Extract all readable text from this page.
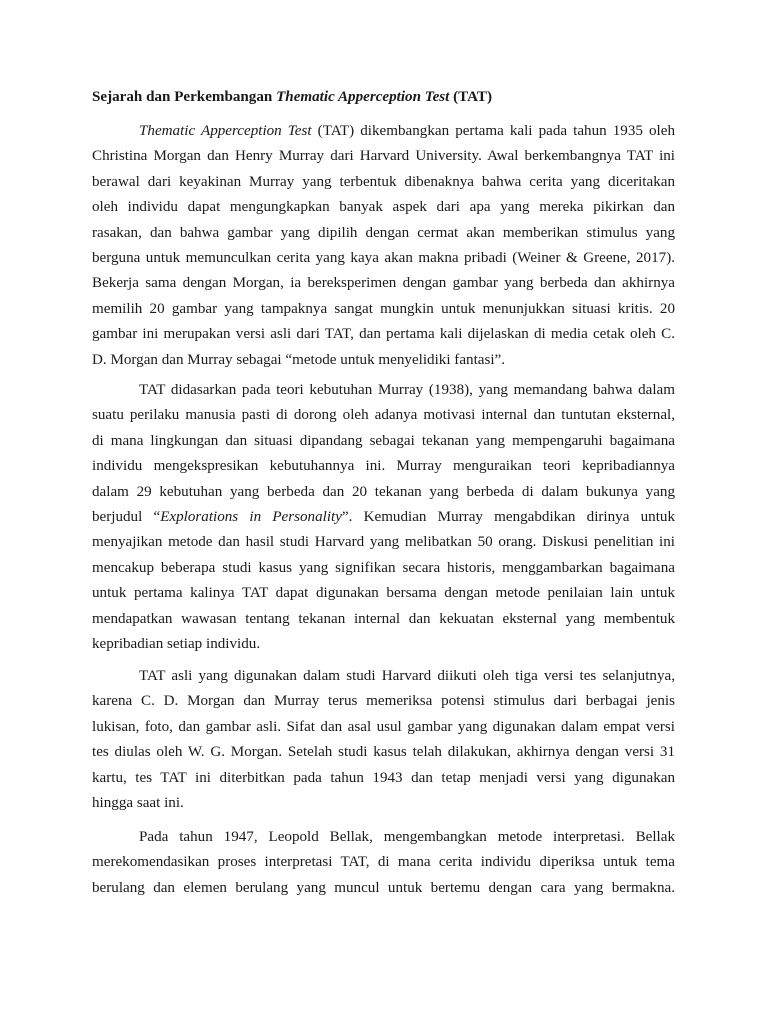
Sejarah dan Perkembangan Thematic Apperception Test (TAT)
Thematic Apperception Test (TAT) dikembangkan pertama kali pada tahun 1935 oleh
Christina Morgan dan Henry Murray dari Harvard University. Awal berkembangnya TAT ini
berawal dari keyakinan Murray yang terbentuk dibenaknya bahwa cerita yang diceritakan
oleh individu dapat mengungkapkan banyak aspek dari apa yang mereka pikirkan dan
rasakan, dan bahwa gambar yang dipilih dengan cermat akan memberikan stimulus yang
berguna untuk memunculkan cerita yang kaya akan makna pribadi (Weiner & Greene, 2017).
Bekerja sama dengan Morgan, ia bereksperimen dengan gambar yang berbeda dan akhirnya
memilih 20 gambar yang tampaknya sangat mungkin untuk menunjukkan situasi kritis. 20
gambar ini merupakan versi asli dari TAT, dan pertama kali dijelaskan di media cetak oleh C.
D. Morgan dan Murray sebagai “metode untuk menyelidiki fantasi”.
TAT didasarkan pada teori kebutuhan Murray (1938), yang memandang bahwa dalam
suatu perilaku manusia pasti di dorong oleh adanya motivasi internal dan tuntutan eksternal,
di mana lingkungan dan situasi dipandang sebagai tekanan yang mempengaruhi bagaimana
individu mengekspresikan kebutuhannya ini. Murray menguraikan teori kepribadiannya
dalam 29 kebutuhan yang berbeda dan 20 tekanan yang berbeda di dalam bukunya yang
berjudul “Explorations in Personality”. Kemudian Murray mengabdikan dirinya untuk
menyajikan metode dan hasil studi Harvard yang melibatkan 50 orang. Diskusi penelitian ini
mencakup beberapa studi kasus yang signifikan secara historis, menggambarkan bagaimana
untuk pertama kalinya TAT dapat digunakan bersama dengan metode penilaian lain untuk
mendapatkan wawasan tentang tekanan internal dan kekuatan eksternal yang membentuk
kepribadian setiap individu.
TAT asli yang digunakan dalam studi Harvard diikuti oleh tiga versi tes selanjutnya,
karena C. D. Morgan dan Murray terus memeriksa potensi stimulus dari berbagai jenis
lukisan, foto, dan gambar asli. Sifat dan asal usul gambar yang digunakan dalam empat versi
tes diulas oleh W. G. Morgan. Setelah studi kasus telah dilakukan, akhirnya dengan versi 31
kartu, tes TAT ini diterbitkan pada tahun 1943 dan tetap menjadi versi yang digunakan
hingga saat ini.
Pada tahun 1947, Leopold Bellak, mengembangkan metode interpretasi. Bellak
merekomendasikan proses interpretasi TAT, di mana cerita individu diperiksa untuk tema
berulang dan elemen berulang yang muncul untuk bertemu dengan cara yang bermakna.
